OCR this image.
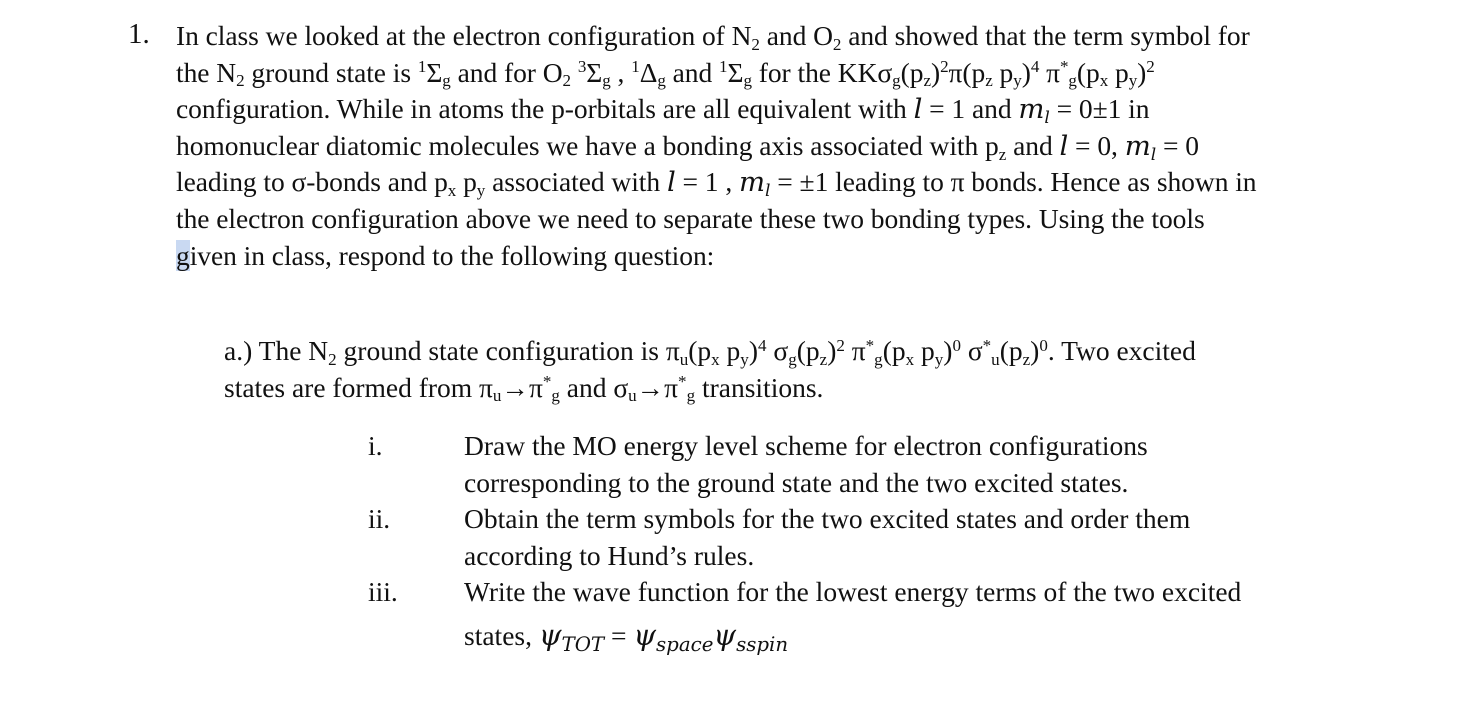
1. In class we looked at the electron configuration of $N_2$ and $O_2$ and showed that the term symbol for
the $N_2$ ground state is $^1\Sigma_g$ and for $O_2$ $^3\Sigma_g$ , $^1\Delta_g$ and $^1\Sigma_g$ for the $KK\sigma_g(p_z)^2\pi(p_z$ $p_y)^4$ $\pi^*_g(p_x$ $p_y)^2$
configuration. While in atoms the p-orbitals are all equivalent with l = 1 and $m_l = 0\pm 1$ in
homonuclear diatomic molecules we have a bonding axis associated with $p_z$ and l = 0, $m_l = 0$
leading to σ-bonds and $p_x$ $p_y$ associated with l = 1 , $m_l = \pm 1$ leading to π bonds. Hence as shown in
the electron configuration above we need to separate these two bonding types. Using the tools
given in class, respond to the following question:
a.) The $N_2$ ground state configuration is $\pi_u(p_x$ $p_y)^4$ $\sigma_g(p_z)^2$ $\pi^*_g(p_x$ $p_y)^0$ $\sigma^*_u(p_z)^0$. Two excited
states are formed from $\pi_u\to\pi^*_g$ and $\sigma_u\to\pi^*_g$ transitions.
i.	Draw the MO energy level scheme for electron configurations
corresponding to the ground state and the two excited states.
ii.	Obtain the term symbols for the two excited states and order them
according to Hund’s rules.
iii. Write the wave function for the lowest energy terms of the two excited
states, $\psi_{TOT} = \psi_{space}\psi_{sspin}$
